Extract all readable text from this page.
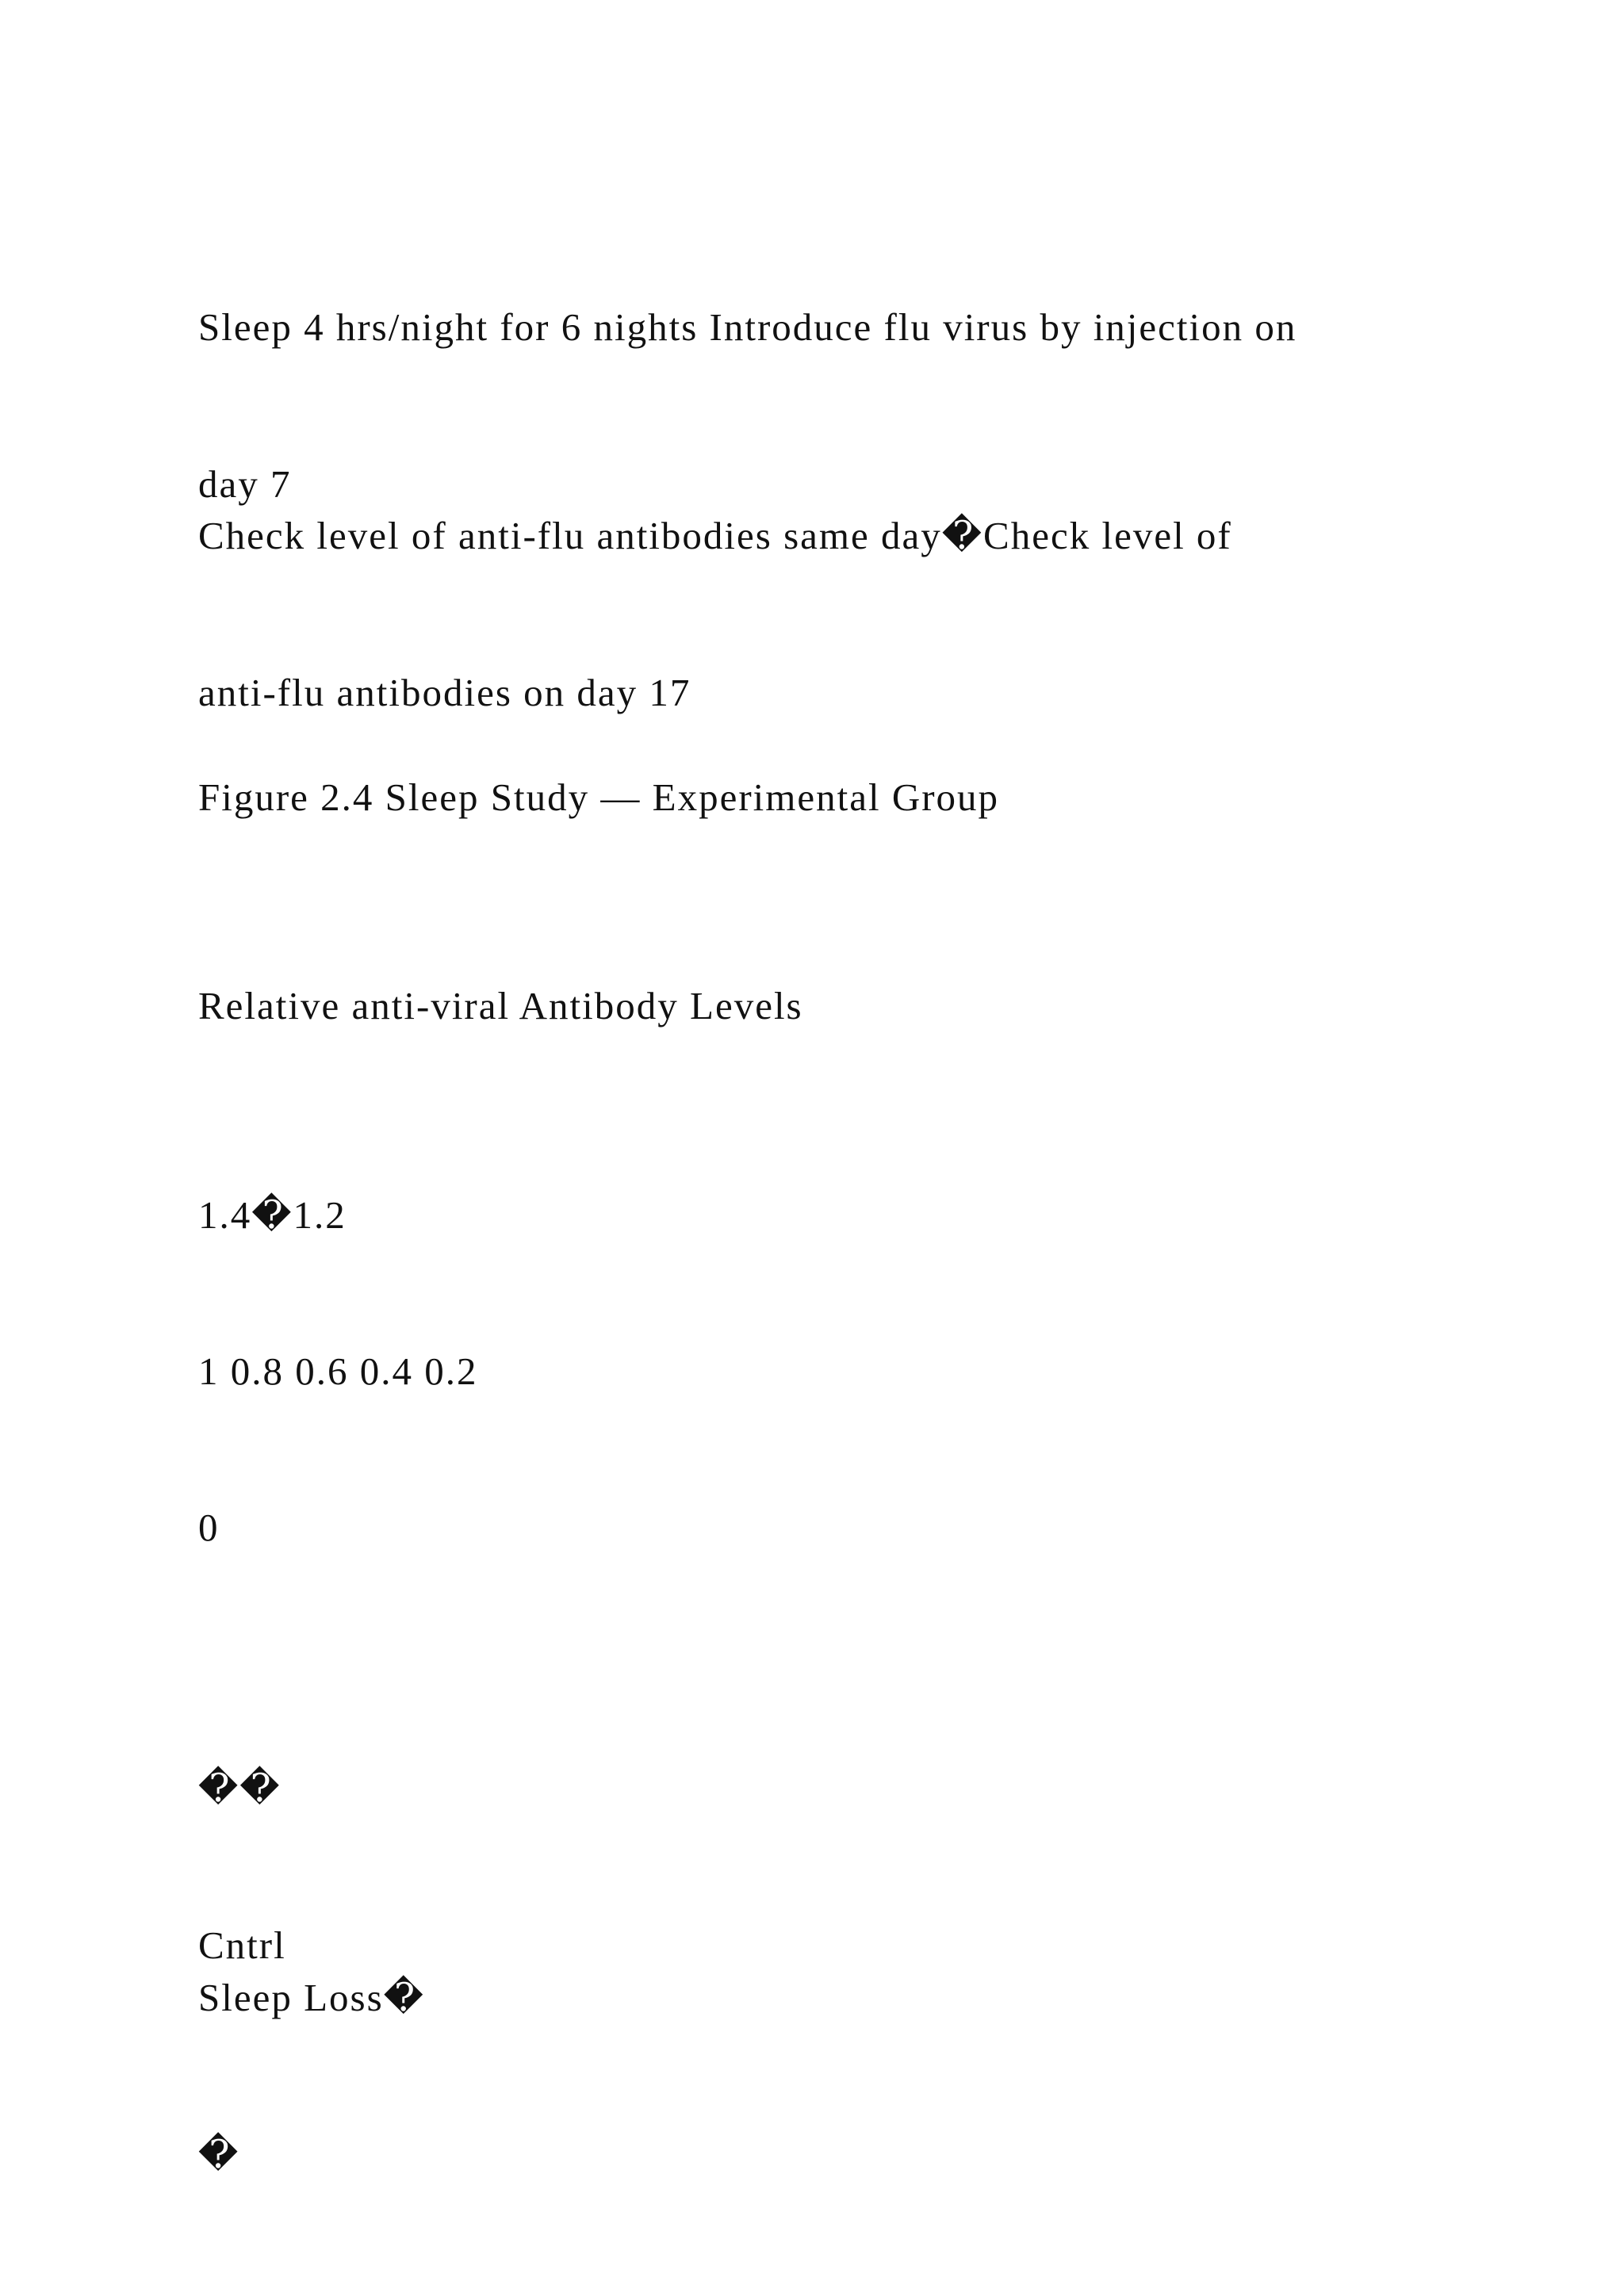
Sleep 4 hrs/night for 6 nights Introduce flu virus by injection on

day 7

Check level of anti-flu antibodies same day�Check level of

anti-flu antibodies on day 17

Figure 2.4 Sleep Study — Experimental Group

Relative anti-viral Antibody Levels

1.4�1.2

1 0.8 0.6 0.4 0.2

0

��

Cntrl

Sleep Loss�

�
